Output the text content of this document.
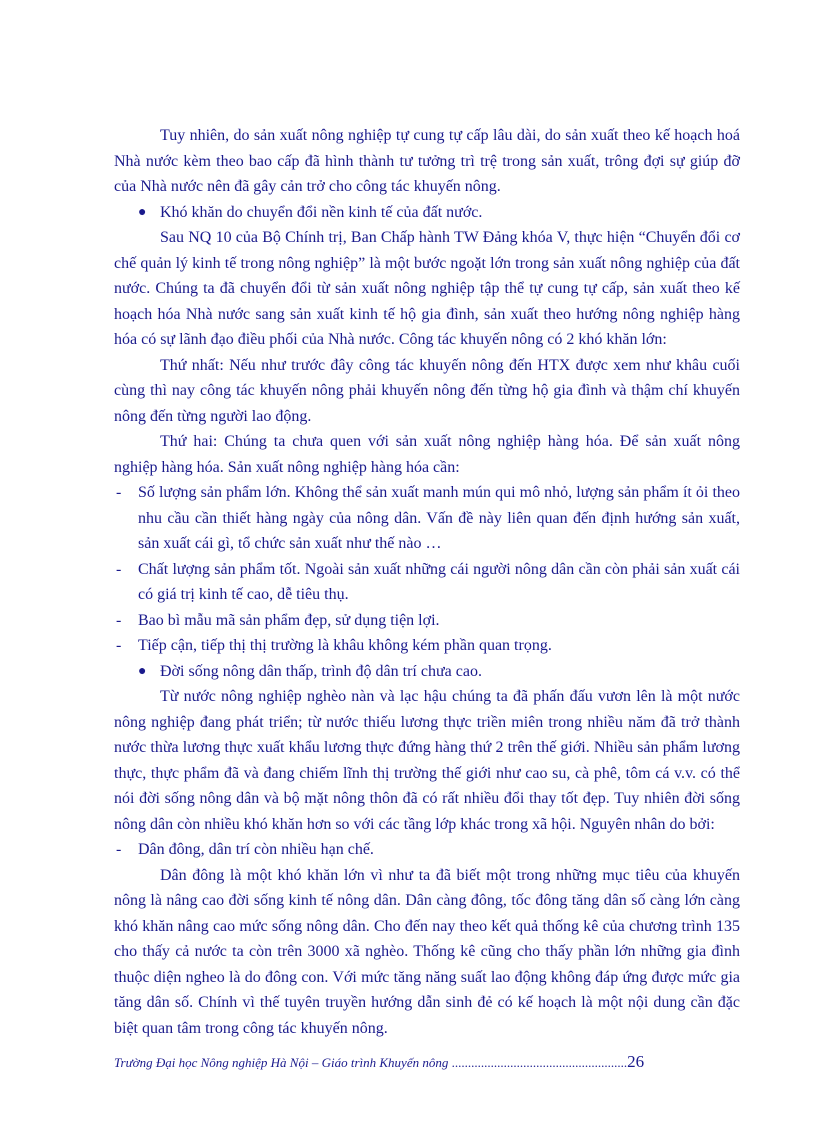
Tuy nhiên, do sản xuất nông nghiệp tự cung tự cấp lâu dài, do sản xuất theo kế hoạch hoá Nhà nước kèm theo bao cấp đã hình thành tư tưởng trì trệ trong sản xuất, trông đợi sự giúp đỡ của Nhà nước nên đã gây cản trở cho công tác khuyến nông.

● Khó khăn do chuyển đổi nền kinh tế của đất nước.

Sau NQ 10 của Bộ Chính trị, Ban Chấp hành TW Đảng khóa V, thực hiện “Chuyển đổi cơ chế quản lý kinh tế trong nông nghiệp” là một bước ngoặt lớn trong sản xuất nông nghiệp của đất nước. Chúng ta đã chuyển đổi từ sản xuất nông nghiệp tập thể tự cung tự cấp, sản xuất theo kế hoạch hóa Nhà nước sang sản xuất kinh tế hộ gia đình, sản xuất theo hướng nông nghiệp hàng hóa có sự lãnh đạo điều phối của Nhà nước. Công tác khuyến nông có 2 khó khăn lớn:

Thứ nhất: Nếu như trước đây công tác khuyến nông đến HTX được xem như khâu cuối cùng thì nay công tác khuyến nông phải khuyến nông đến từng hộ gia đình và thậm chí khuyến nông đến từng người lao động.

Thứ hai: Chúng ta chưa quen với sản xuất nông nghiệp hàng hóa. Để sản xuất nông nghiệp hàng hóa. Sản xuất nông nghiệp hàng hóa cần:

- Số lượng sản phẩm lớn. Không thể sản xuất manh mún qui mô nhỏ, lượng sản phẩm ít ỏi theo nhu cầu cần thiết hàng ngày của nông dân. Vấn đề này liên quan đến định hướng sản xuất, sản xuất cái gì, tổ chức sản xuất như thế nào …

- Chất lượng sản phẩm tốt. Ngoài sản xuất những cái người nông dân cần còn phải sản xuất cái có giá trị kinh tế cao, dễ tiêu thụ.

- Bao bì mẫu mã sản phẩm đẹp, sử dụng tiện lợi.

- Tiếp cận, tiếp thị thị trường là khâu không kém phần quan trọng.

● Đời sống nông dân thấp, trình độ dân trí chưa cao.

Từ nước nông nghiệp nghèo nàn và lạc hậu chúng ta đã phấn đấu vươn lên là một nước nông nghiệp đang phát triển; từ nước thiếu lương thực triền miên trong nhiều năm đã trở thành nước thừa lương thực xuất khẩu lương thực đứng hàng thứ 2 trên thế giới. Nhiều sản phẩm lương thực, thực phẩm đã và đang chiếm lĩnh thị trường thế giới như cao su, cà phê, tôm cá v.v. có thể nói đời sống nông dân và bộ mặt nông thôn đã có rất nhiều đổi thay tốt đẹp. Tuy nhiên đời sống nông dân còn nhiều khó khăn hơn so với các tầng lớp khác trong xã hội. Nguyên nhân do bởi:

- Dân đông, dân trí còn nhiều hạn chế.

Dân đông là một khó khăn lớn vì như ta đã biết một trong những mục tiêu của khuyến nông là nâng cao đời sống kinh tế nông dân. Dân càng đông, tốc đông tăng dân số càng lớn càng khó khăn nâng cao mức sống nông dân. Cho đến nay theo kết quả thống kê của chương trình 135 cho thấy cả nước ta còn trên 3000 xã nghèo. Thống kê cũng cho thấy phần lớn những gia đình thuộc diện ngheo là do đông con. Với mức tăng năng suất lao động không đáp ứng được mức gia tăng dân số. Chính vì thế tuyên truyền hướng dẫn sinh đẻ có kế hoạch là một nội dung cần đặc biệt quan tâm trong công tác khuyến nông.

Trường Đại học Nông nghiệp Hà Nội – Giáo trình Khuyến nông ......................................................26
